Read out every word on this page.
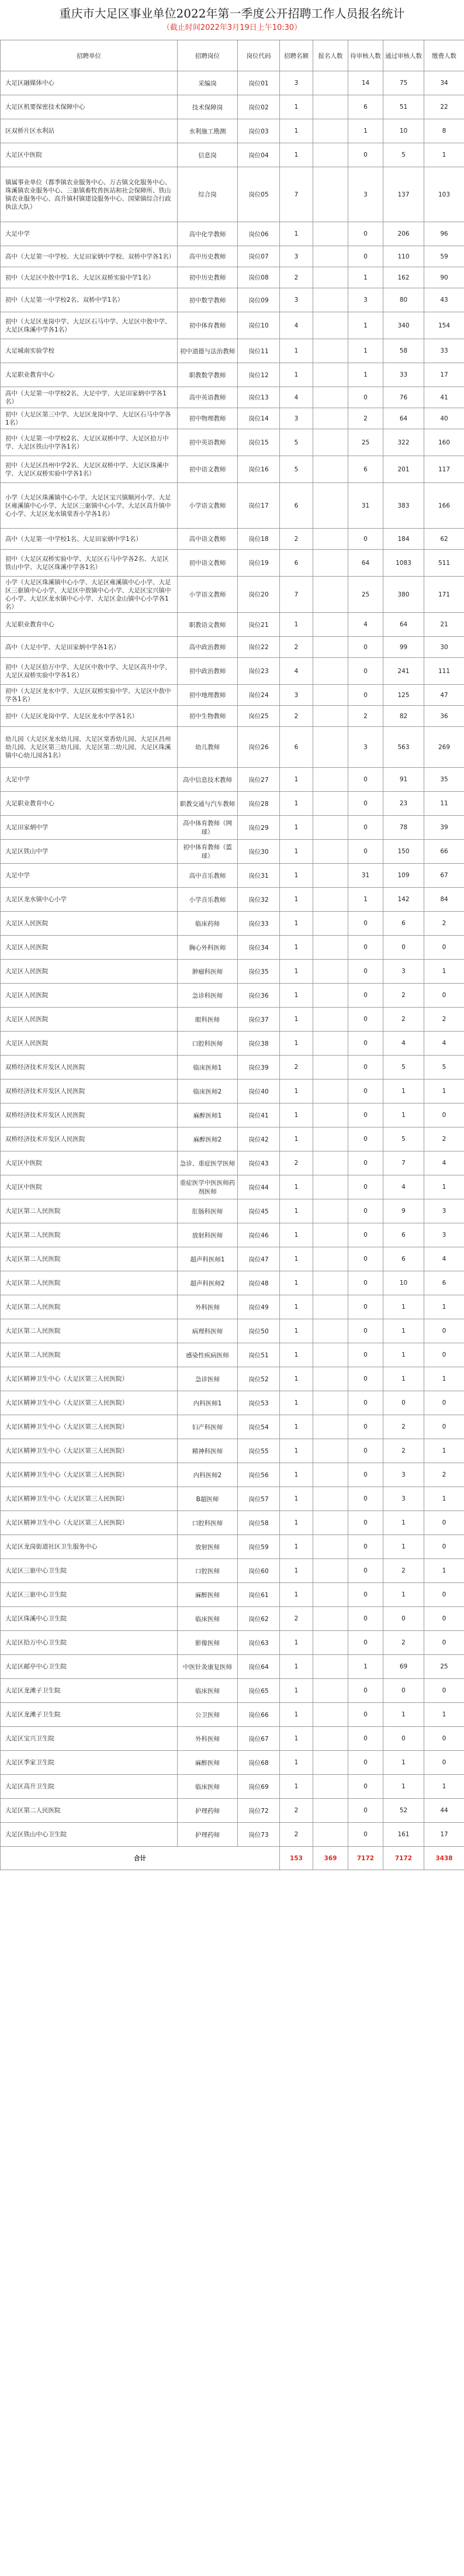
重庆市大足区事业单位2022年第一季度公开招聘工作人员报名统计
（截止时间2022年3月19日上午10:30）
招聘单位	招聘岗位	岗位代码	招聘名额	报名人数	待审核人数	通过审核人数	缴费人数
大足区融媒体中心	采编岗	岗位01	3		14	75	34
大足区机要保密技术保障中心	技术保障岗	岗位02	1		6	51	22
区双桥片区水利站	水利施工勘测	岗位03	1		1	10	8
大足区中医院	信息岗	岗位04	1		0	5	1
镇属事业单位（都季镇农业服务中心、万古镇文化服务中心、珠溪镇农业服务中心、三驱镇畜牧兽医站和社会保障所、铁山镇农业服务中心、高升镇村镇建设服务中心、国梁镇综合行政执法大队）	综合岗	岗位05	7		3	137	103
大足中学	高中化学教师	岗位06	1		0	206	96
高中（大足第一中学校、大足田家炳中学校、双桥中学各1名）	高中历史教师	岗位07	3		0	110	59
初中（大足区中敖中学1名、大足区双桥实验中学1名）	初中历史教师	岗位08	2		1	162	90
初中（大足第一中学校2名、双桥中学1名）	初中数学教师	岗位09	3		3	80	43
初中（大足区龙岗中学、大足区石马中学、大足区中敖中学、大足区珠溪中学各1名）	初中体育教师	岗位10	4		1	340	154
大足城南实验学校	初中道德与法治教师	岗位11	1		1	58	33
大足职业教育中心	职教数学教师	岗位12	1		1	33	17
高中（大足第一中学校2名、大足中学、大足田家炳中学各1名）	高中英语教师	岗位13	4		0	76	41
初中（大足区第三中学、大足区龙岗中学、大足区石马中学各1名）	初中物理教师	岗位14	3		2	64	40
初中（大足第一中学校2名、大足区双桥中学、大足区拾万中学、大足区铁山中学各1名）	初中英语教师	岗位15	5		25	322	160
初中（大足区昌州中学2名、大足区双桥中学、大足区珠溪中学、大足区双桥实验中学各1名）	初中语文教师	岗位16	5		6	201	117
小学（大足区珠溪镇中心小学、大足区宝兴镇顺河小学、大足区雍溪镇中心小学、大足区三驱镇中心小学、大足区高升镇中心小学、大足区龙水镇棠香小学各1名）	小学语文教师	岗位17	6		31	383	166
高中（大足第一中学校1名、大足田家炳中学1名）	高中语文教师	岗位18	2		0	184	62
初中（大足区双桥实验中学、大足区石马中学各2名、大足区铁山中学、大足区珠溪中学各1名）	初中语文教师	岗位19	6		64	1083	511
小学（大足区珠溪镇中心小学、大足区雍溪镇中心小学、大足区三驱镇中心小学、大足区中敖镇中心小学、大足区宝兴镇中心小学、大足区龙水镇中心小学、大足区金山镇中心小学各1名）	小学语文教师	岗位20	7		25	380	171
大足职业教育中心	职教语文教师	岗位21	1		4	64	21
高中（大足中学、大足田家炳中学各1名）	高中政治教师	岗位22	2		0	99	30
初中（大足区拾万中学、大足区中敖中学、大足区高升中学、大足区双桥实验中学各1名）	初中政治教师	岗位23	4		0	241	111
初中（大足区龙水中学、大足区双桥实验中学、大足区中敖中学各1名）	初中地理教师	岗位24	3		0	125	47
初中（大足区龙岗中学、大足区龙水中学各1名）	初中生物教师	岗位25	2		2	82	36
幼儿园（大足区龙水幼儿园、大足区棠香幼儿园、大足区昌州幼儿园、大足区第三幼儿园、大足区第二幼儿园、大足区珠溪镇中心幼儿园各1名）	幼儿教师	岗位26	6		3	563	269
大足中学	高中信息技术教师	岗位27	1		0	91	35
大足职业教育中心	职教交通与汽车教师	岗位28	1		0	23	11
大足田家炳中学	高中体育教师（网球）	岗位29	1		0	78	39
大足区铁山中学	初中体育教师（篮球）	岗位30	1		0	150	66
大足中学	高中音乐教师	岗位31	1		31	109	67
大足区龙水镇中心小学	小学音乐教师	岗位32	1		1	142	84
大足区人民医院	临床药师	岗位33	1		0	6	2
大足区人民医院	胸心外科医师	岗位34	1		0	0	0
大足区人民医院	肿瘤科医师	岗位35	1		0	3	1
大足区人民医院	急诊科医师	岗位36	1		0	2	0
大足区人民医院	眼科医师	岗位37	1		0	2	2
大足区人民医院	口腔科医师	岗位38	1		0	4	4
双桥经济技术开发区人民医院	临床医师1	岗位39	2		0	5	5
双桥经济技术开发区人民医院	临床医师2	岗位40	1		0	1	1
双桥经济技术开发区人民医院	麻醉医师1	岗位41	1		0	1	0
双桥经济技术开发区人民医院	麻醉医师2	岗位42	1		0	5	2
大足区中医院	急诊、重症医学医师	岗位43	2		0	7	4
大足区中医院	重症医学中医医师药剂医师	岗位44	1		0	4	1
大足区第二人民医院	肛肠科医师	岗位45	1		0	9	3
大足区第二人民医院	放射科医师	岗位46	1		0	6	3
大足区第二人民医院	超声科医师1	岗位47	1		0	6	4
大足区第二人民医院	超声科医师2	岗位48	1		0	10	6
大足区第二人民医院	外科医师	岗位49	1		0	1	1
大足区第二人民医院	病理科医师	岗位50	1		0	1	0
大足区第二人民医院	感染性疾病医师	岗位51	1		0	1	0
大足区精神卫生中心（大足区第三人民医院）	急诊医师	岗位52	1		0	1	1
大足区精神卫生中心（大足区第三人民医院）	内科医师1	岗位53	1		0	0	0
大足区精神卫生中心（大足区第三人民医院）	妇产科医师	岗位54	1		0	2	0
大足区精神卫生中心（大足区第三人民医院）	精神科医师	岗位55	1		0	2	1
大足区精神卫生中心（大足区第三人民医院）	内科医师2	岗位56	1		0	3	2
大足区精神卫生中心（大足区第三人民医院）	B超医师	岗位57	1		0	3	1
大足区精神卫生中心（大足区第三人民医院）	口腔科医师	岗位58	1		0	1	0
大足区龙岗街道社区卫生服务中心	放射医师	岗位59	1		0	1	0
大足区三驱中心卫生院	口腔医师	岗位60	1		0	2	1
大足区三驱中心卫生院	麻醉医师	岗位61	1		0	1	0
大足区珠溪中心卫生院	临床医师	岗位62	2		0	0	0
大足区拾万中心卫生院	影像医师	岗位63	1		0	2	0
大足区邮亭中心卫生院	中医针灸康复医师	岗位64	1		1	69	25
大足区龙滩子卫生院	临床医师	岗位65	1		0	0	0
大足区龙滩子卫生院	公卫医师	岗位66	1		0	1	1
大足区宝兴卫生院	外科医师	岗位67	1		0	0	0
大足区季家卫生院	麻醉医师	岗位68	1		0	1	0
大足区高升卫生院	临床医师	岗位69	1		0	1	1
大足区第二人民医院	护理药师	岗位72	2		0	52	44
大足区铁山中心卫生院	护理药师	岗位73	2		0	161	17
合计			153	369	7172	7172	3438
